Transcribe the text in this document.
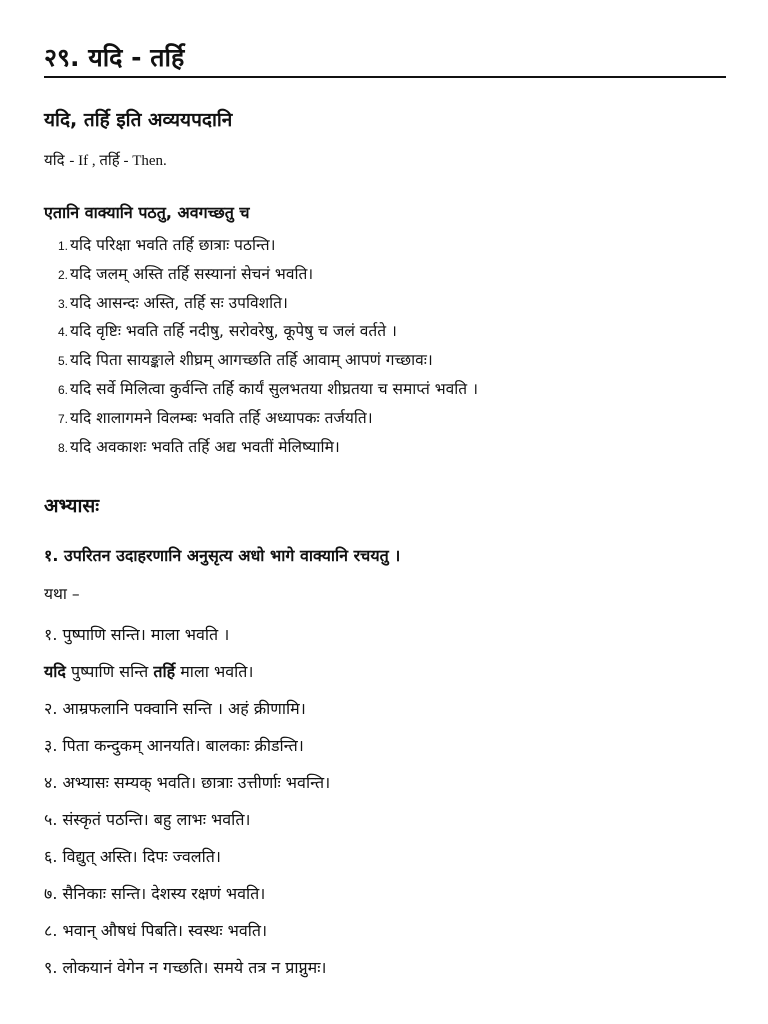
२९. यदि - तर्हि
यदि, तर्हि इति अव्ययपदानि
यदि - If , तर्हि - Then.
एतानि वाक्यानि पठतु, अवगच्छतु च
1. यदि परिक्षा भवति तर्हि छात्राः पठन्ति।
2. यदि जलम् अस्ति तर्हि सस्यानां सेचनं भवति।
3. यदि आसन्दः अस्ति, तर्हि सः उपविशति।
4. यदि वृष्टिः भवति तर्हि नदीषु, सरोवरेषु, कूपेषु च जलं वर्तते ।
5. यदि पिता सायङ्काले शीघ्रम् आगच्छति तर्हि आवाम् आपणं गच्छावः।
6. यदि सर्वे मिलित्वा कुर्वन्ति तर्हि कार्यं सुलभतया शीघ्रतया च समाप्तं भवति ।
7. यदि शालागमने विलम्बः भवति तर्हि अध्यापकः तर्जयति।
8. यदि अवकाशः भवति तर्हि अद्य भवतीं मेलिष्यामि।
अभ्यासः
१. उपरितन उदाहरणानि अनुसृत्य अधो भागे वाक्यानि रचयतु ।
यथा –
१. पुष्पाणि सन्ति। माला भवति ।
यदि पुष्पाणि सन्ति तर्हि माला भवति।
२. आम्रफलानि पक्वानि सन्ति । अहं क्रीणामि।
३. पिता कन्दुकम् आनयति। बालकाः क्रीडन्ति।
४. अभ्यासः सम्यक् भवति। छात्राः उत्तीर्णाः भवन्ति।
५. संस्कृतं पठन्ति। बहु लाभः भवति।
६. विद्युत् अस्ति। दिपः ज्वलति।
७. सैनिकाः सन्ति। देशस्य रक्षणं भवति।
८. भवान् औषधं पिबति। स्वस्थः भवति।
९. लोकयानं वेगेन न गच्छति। समये तत्र न प्राप्नुमः।
